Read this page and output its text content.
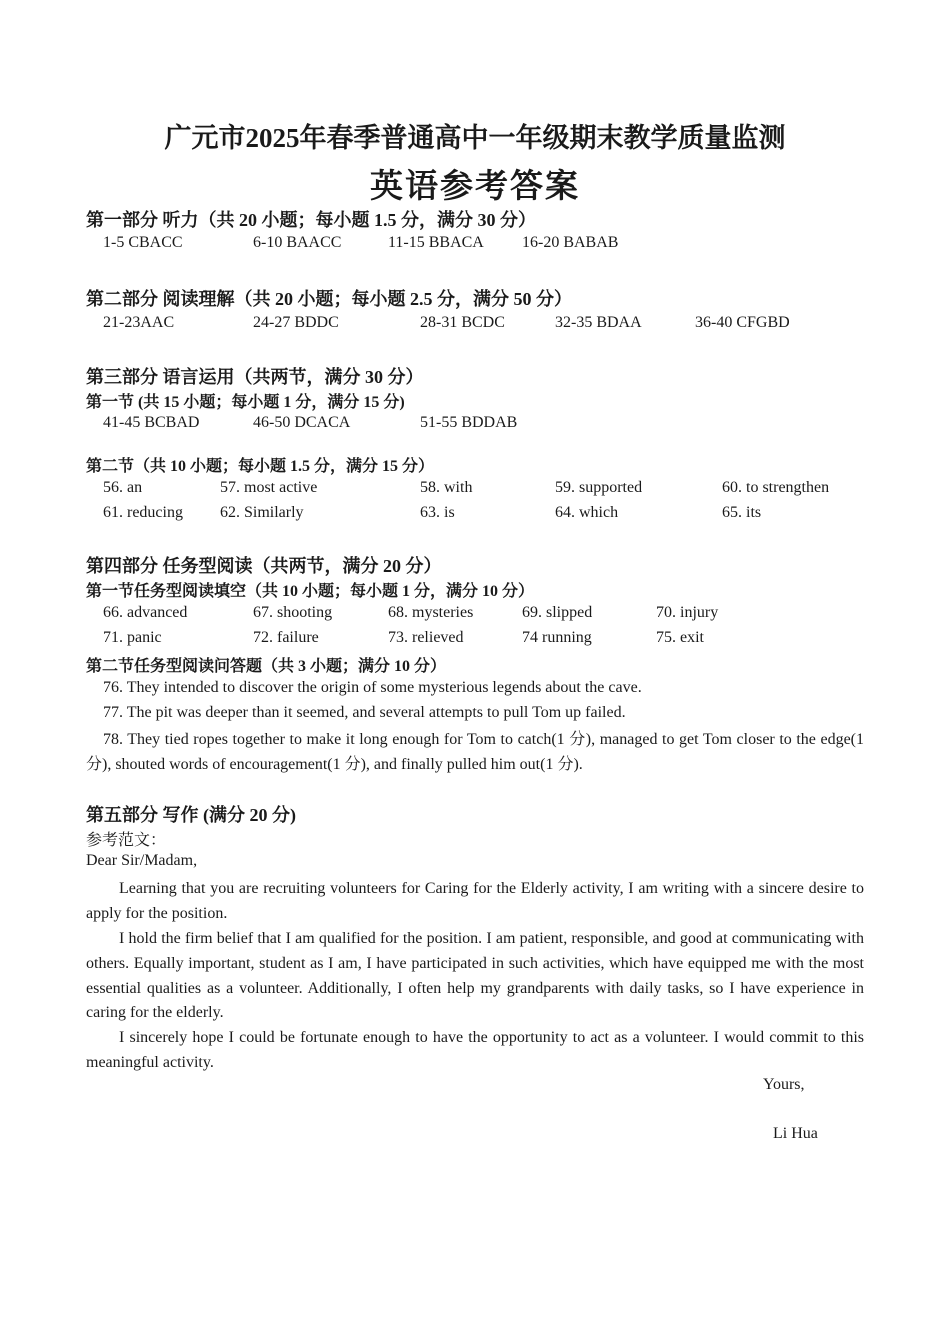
广元市2025年春季普通高中一年级期末教学质量监测
英语参考答案
第一部分 听力（共 20 小题；每小题 1.5 分，满分 30 分）
1-5 CBACC	6-10 BAACC	11-15 BBACA 16-20 BABAB
第二部分 阅读理解（共 20 小题；每小题 2.5 分，满分 50 分）
21-23AAC	24-27 BDDC	28-31 BCDC	32-35 BDAA	36-40 CFGBD
第三部分 语言运用（共两节，满分 30 分）
第一节 (共 15 小题；每小题 1 分，满分 15 分)
41-45 BCBAD	46-50 DCACA	51-55 BDDAB
第二节（共 10 小题；每小题 1.5 分，满分 15 分）
56. an	57. most active	58. with	59. supported	60. to strengthen
61. reducing 62. Similarly	63. is	64. which	65. its
第四部分 任务型阅读（共两节，满分 20 分）
第一节任务型阅读填空（共 10 小题；每小题 1 分，满分 10 分）
66. advanced	67. shooting	68. mysteries	69. slipped	70. injury
71. panic	72. failure	73. relieved	74 running	75. exit
第二节任务型阅读问答题（共 3 小题；满分 10 分）
76. They intended to discover the origin of some mysterious legends about the cave.
77. The pit was deeper than it seemed, and several attempts to pull Tom up failed.
78. They tied ropes together to make it long enough for Tom to catch(1 分), managed to get Tom closer to the edge(1 分), shouted words of encouragement(1 分), and finally pulled him out(1 分).
第五部分 写作 (满分 20 分)
参考范文：
Dear Sir/Madam,
Learning that you are recruiting volunteers for Caring for the Elderly activity, I am writing with a sincere desire to apply for the position.
I hold the firm belief that I am qualified for the position. I am patient, responsible, and good at communicating with others. Equally important, student as I am, I have participated in such activities, which have equipped me with the most essential qualities as a volunteer. Additionally, I often help my grandparents with daily tasks, so I have experience in caring for the elderly.
I sincerely hope I could be fortunate enough to have the opportunity to act as a volunteer. I would commit to this meaningful activity.
Yours,
Li Hua
